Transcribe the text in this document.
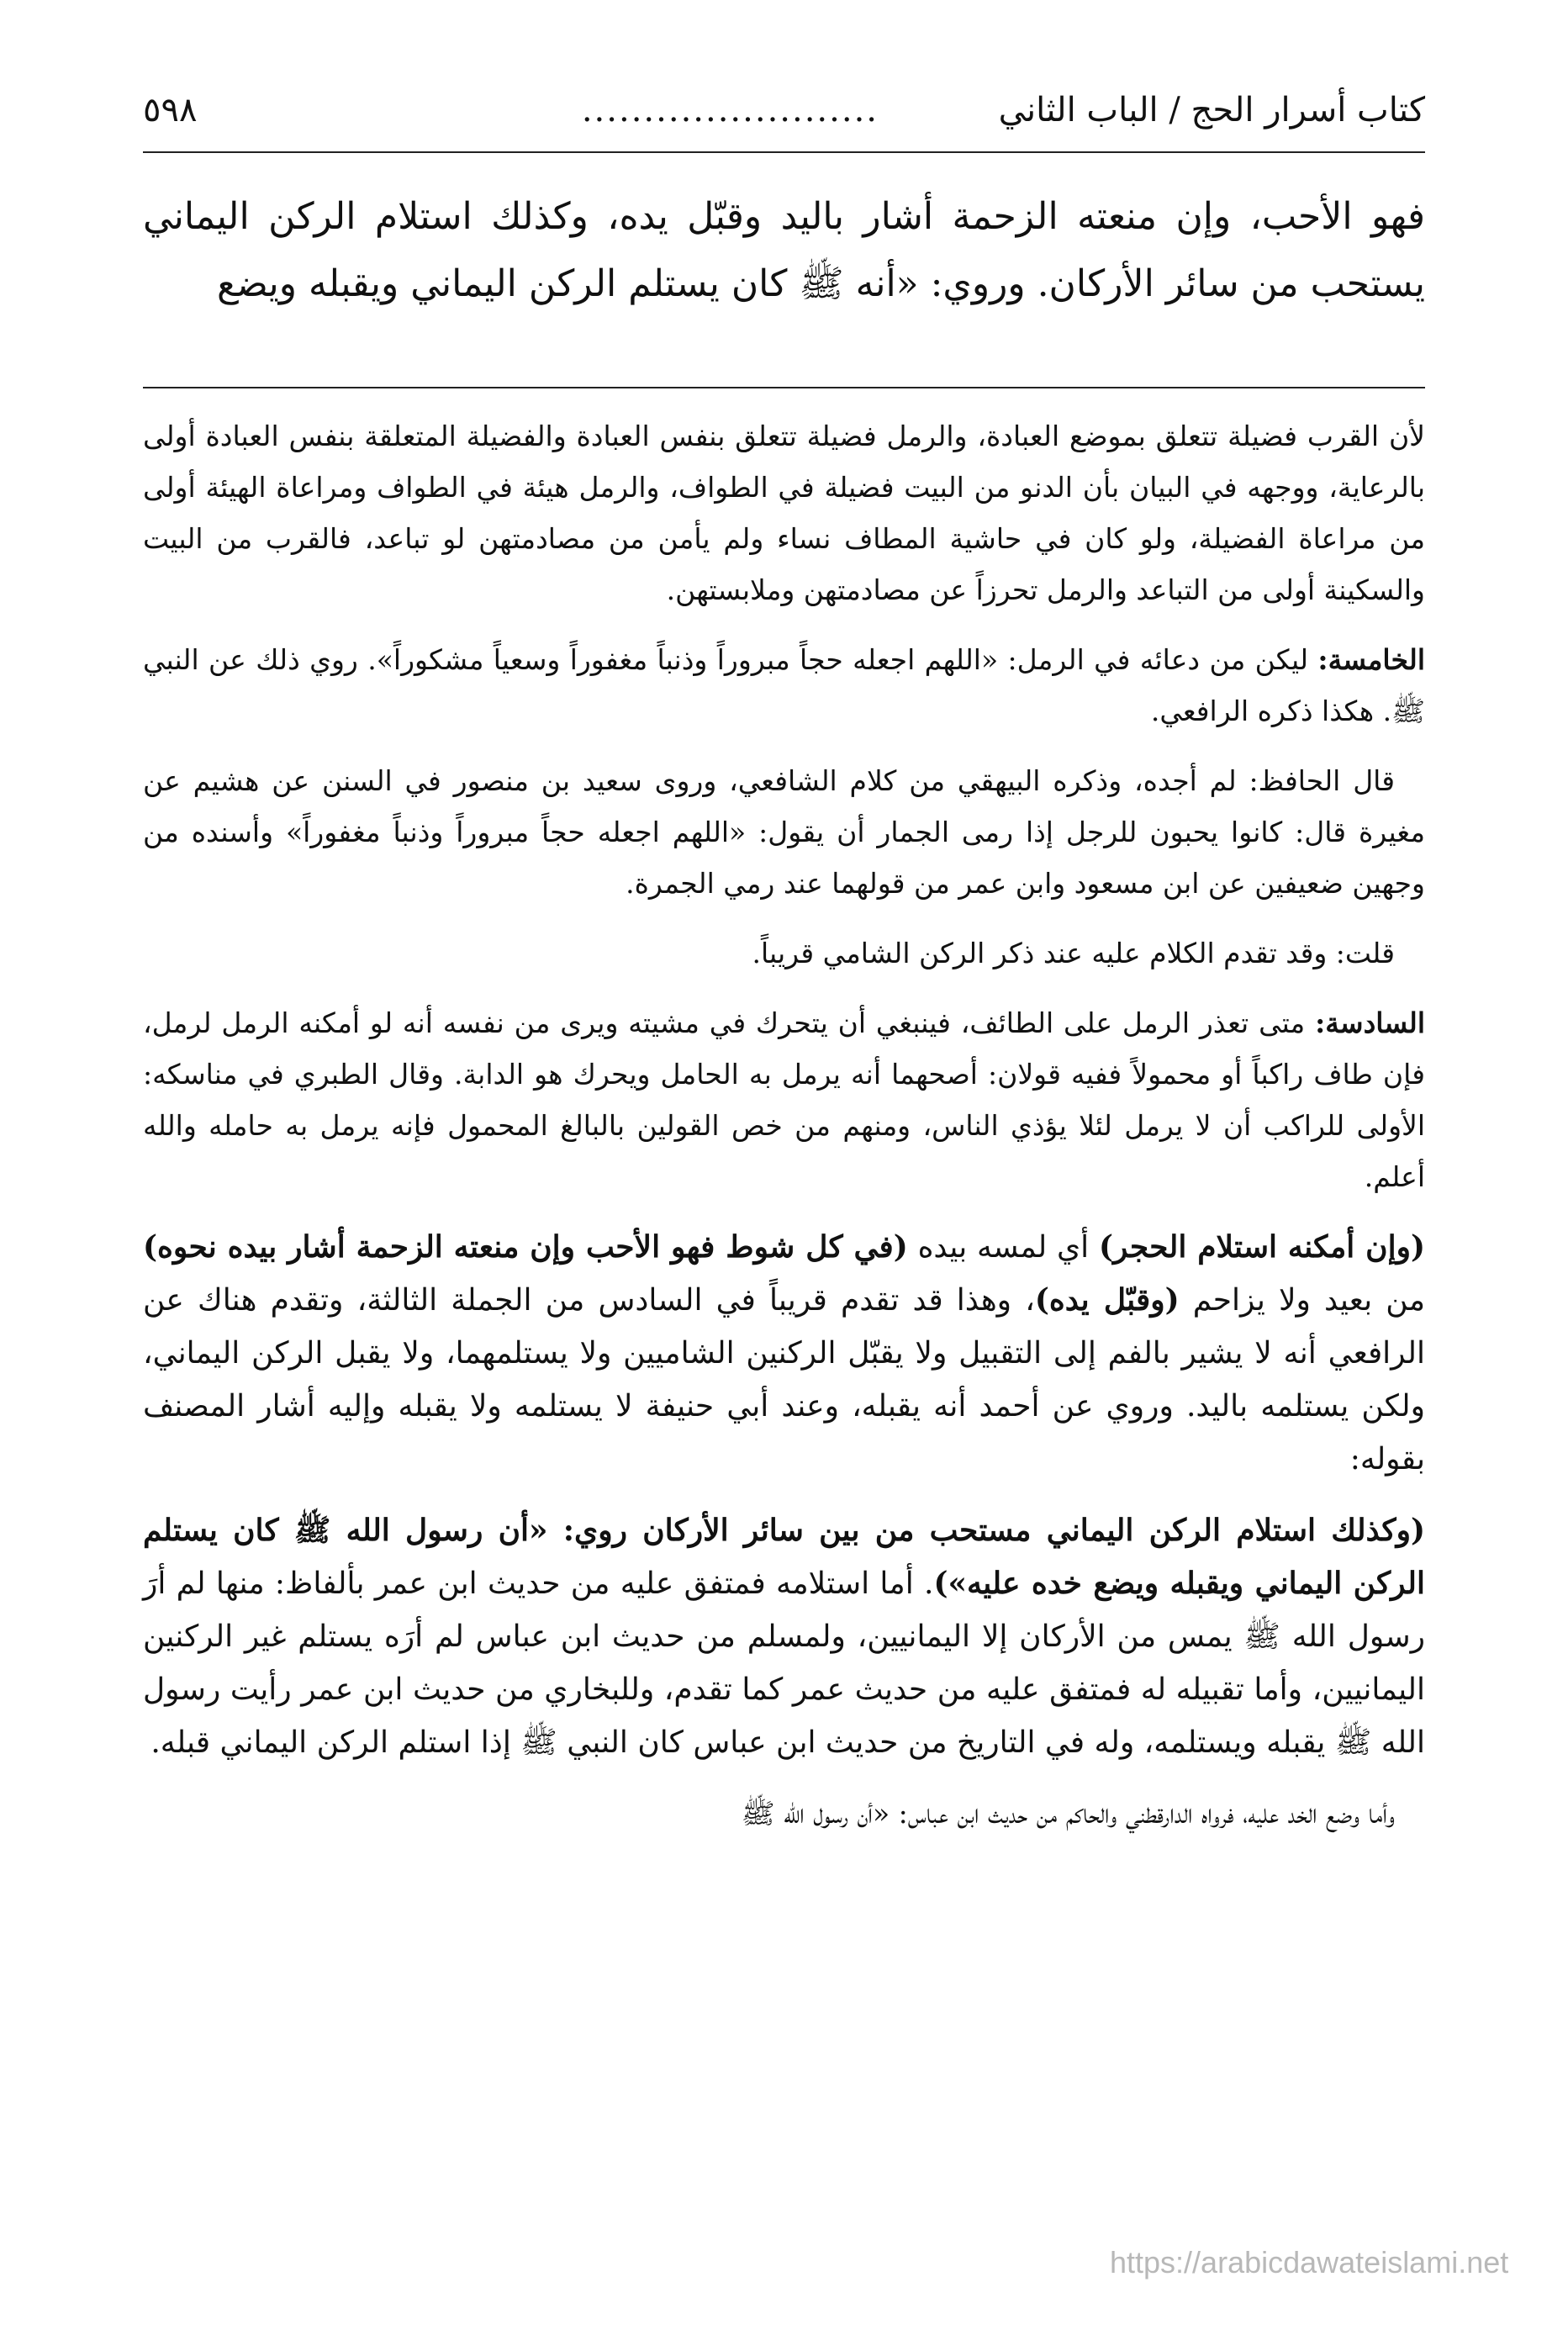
كتاب أسرار الحج / الباب الثاني
........................
٥٩٨
فهو الأحب، وإن منعته الزحمة أشار باليد وقبّل يده، وكذلك استلام الركن اليماني يستحب من سائر الأركان. وروي: «أنه ﷺ كان يستلم الركن اليماني ويقبله ويضع

لأن القرب فضيلة تتعلق بموضع العبادة، والرمل فضيلة تتعلق بنفس العبادة والفضيلة المتعلقة بنفس العبادة أولى بالرعاية، ووجهه في البيان بأن الدنو من البيت فضيلة في الطواف، والرمل هيئة في الطواف ومراعاة الهيئة أولى من مراعاة الفضيلة، ولو كان في حاشية المطاف نساء ولم يأمن من مصادمتهن لو تباعد، فالقرب من البيت والسكينة أولى من التباعد والرمل تحرزاً عن مصادمتهن وملابستهن.

الخامسة: ليكن من دعائه في الرمل: «اللهم اجعله حجاً مبروراً وذنباً مغفوراً وسعياً مشكوراً». روي ذلك عن النبي ﷺ. هكذا ذكره الرافعي.

قال الحافظ: لم أجده، وذكره البيهقي من كلام الشافعي، وروى سعيد بن منصور في السنن عن هشيم عن مغيرة قال: كانوا يحبون للرجل إذا رمى الجمار أن يقول: «اللهم اجعله حجاً مبروراً وذنباً مغفوراً» وأسنده من وجهين ضعيفين عن ابن مسعود وابن عمر من قولهما عند رمي الجمرة.

قلت: وقد تقدم الكلام عليه عند ذكر الركن الشامي قريباً.

السادسة: متى تعذر الرمل على الطائف، فينبغي أن يتحرك في مشيته ويرى من نفسه أنه لو أمكنه الرمل لرمل، فإن طاف راكباً أو محمولاً ففيه قولان: أصحهما أنه يرمل به الحامل ويحرك هو الدابة. وقال الطبري في مناسكه: الأولى للراكب أن لا يرمل لئلا يؤذي الناس، ومنهم من خص القولين بالبالغ المحمول فإنه يرمل به حامله والله أعلم.

(وإن أمكنه استلام الحجر) أي لمسه بيده (في كل شوط فهو الأحب وإن منعته الزحمة أشار بيده نحوه) من بعيد ولا يزاحم (وقبّل يده)، وهذا قد تقدم قريباً في السادس من الجملة الثالثة، وتقدم هناك عن الرافعي أنه لا يشير بالفم إلى التقبيل ولا يقبّل الركنين الشاميين ولا يستلمهما، ولا يقبل الركن اليماني، ولكن يستلمه باليد. وروي عن أحمد أنه يقبله، وعند أبي حنيفة لا يستلمه ولا يقبله وإليه أشار المصنف بقوله:

(وكذلك استلام الركن اليماني مستحب من بين سائر الأركان روي: «أن رسول الله ﷺ كان يستلم الركن اليماني ويقبله ويضع خده عليه»). أما استلامه فمتفق عليه من حديث ابن عمر بألفاظ: منها لم أرَ رسول الله ﷺ يمس من الأركان إلا اليمانيين، ولمسلم من حديث ابن عباس لم أرَه يستلم غير الركنين اليمانيين، وأما تقبيله له فمتفق عليه من حديث عمر كما تقدم، وللبخاري من حديث ابن عمر رأيت رسول الله ﷺ يقبله ويستلمه، وله في التاريخ من حديث ابن عباس كان النبي ﷺ إذا استلم الركن اليماني قبله.

وأما وضع الخد عليه، فرواه الدارقطني والحاكم من حديث ابن عباس: «أن رسول الله ﷺ

https://arabicdawateislami.net
